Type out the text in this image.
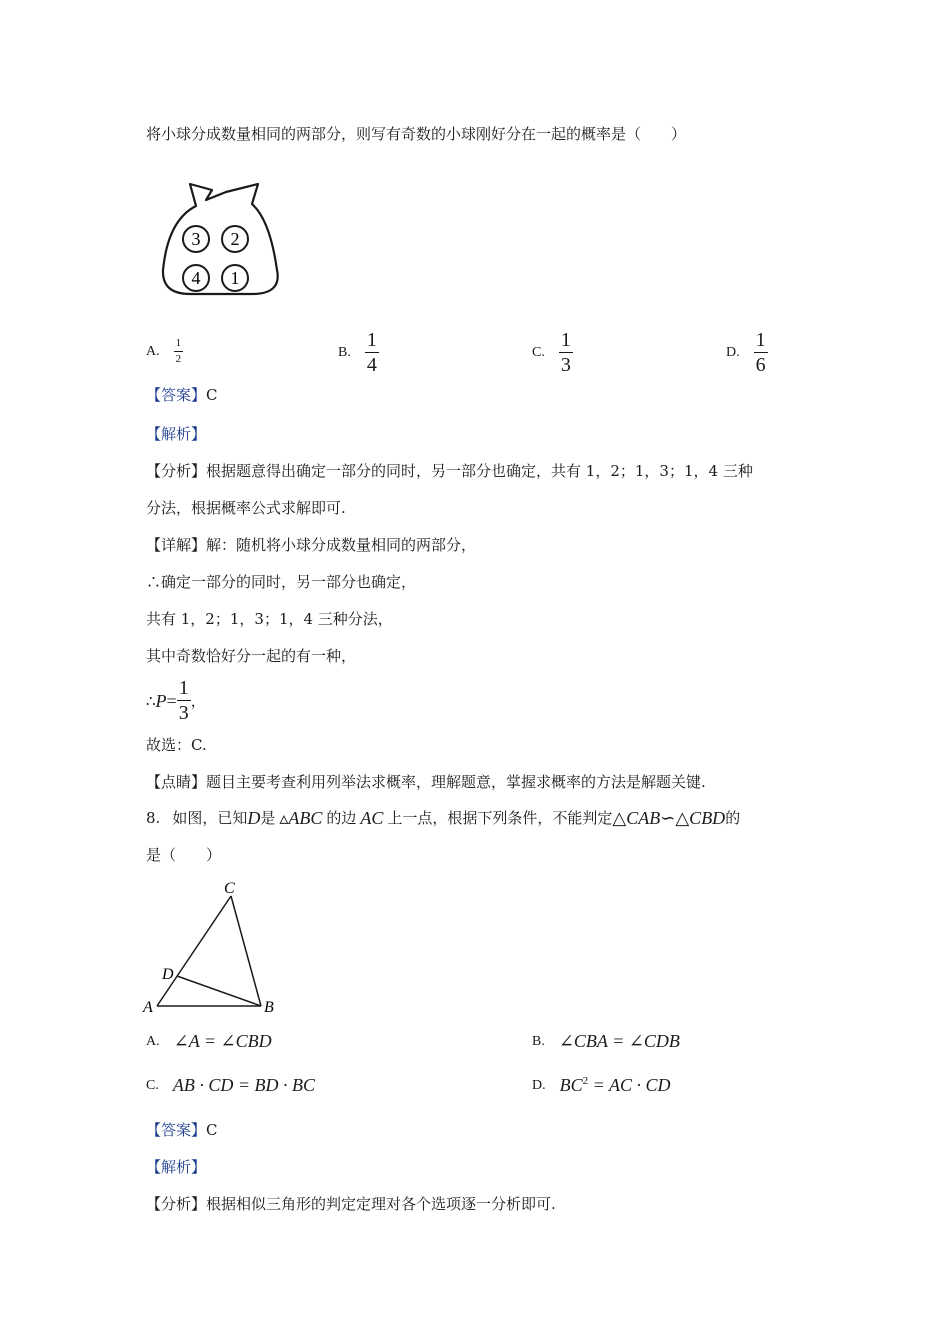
将小球分成数量相同的两部分，则写有奇数的小球刚好分在一起的概率是（　　）
3 2
4 1
A. $\frac{1}{2}$	B. $\frac{1}{4}$	C. $\frac{1}{3}$	D. $\frac{1}{6}$
【答案】C
【解析】
【分析】根据题意得出确定一部分的同时，另一部分也确定，共有 1，2；1，3；1，4 三种
分法，根据概率公式求解即可.
【详解】解：随机将小球分成数量相同的两部分，
∴确定一部分的同时，另一部分也确定，
共有 1，2；1，3；1，4 三种分法，
其中奇数恰好分一起的有一种，
∴ $P = \frac{1}{3}$ ，
故选：C.
【点睛】题目主要考查利用列举法求概率，理解题意，掌握求概率的方法是解题关键.
8. 如图，已知 D 是 ▵ABC 的边 AC 上一点，根据下列条件，不能判定 △CAB∽△CBD 的
是（　　）
C
D
A	B
A. ∠A = ∠CBD	B. ∠CBA = ∠CDB
C. AB · CD = BD · BC	D. $BC^2$ = AC · CD
【答案】C
【解析】
【分析】根据相似三角形的判定定理对各个选项逐一分析即可.
